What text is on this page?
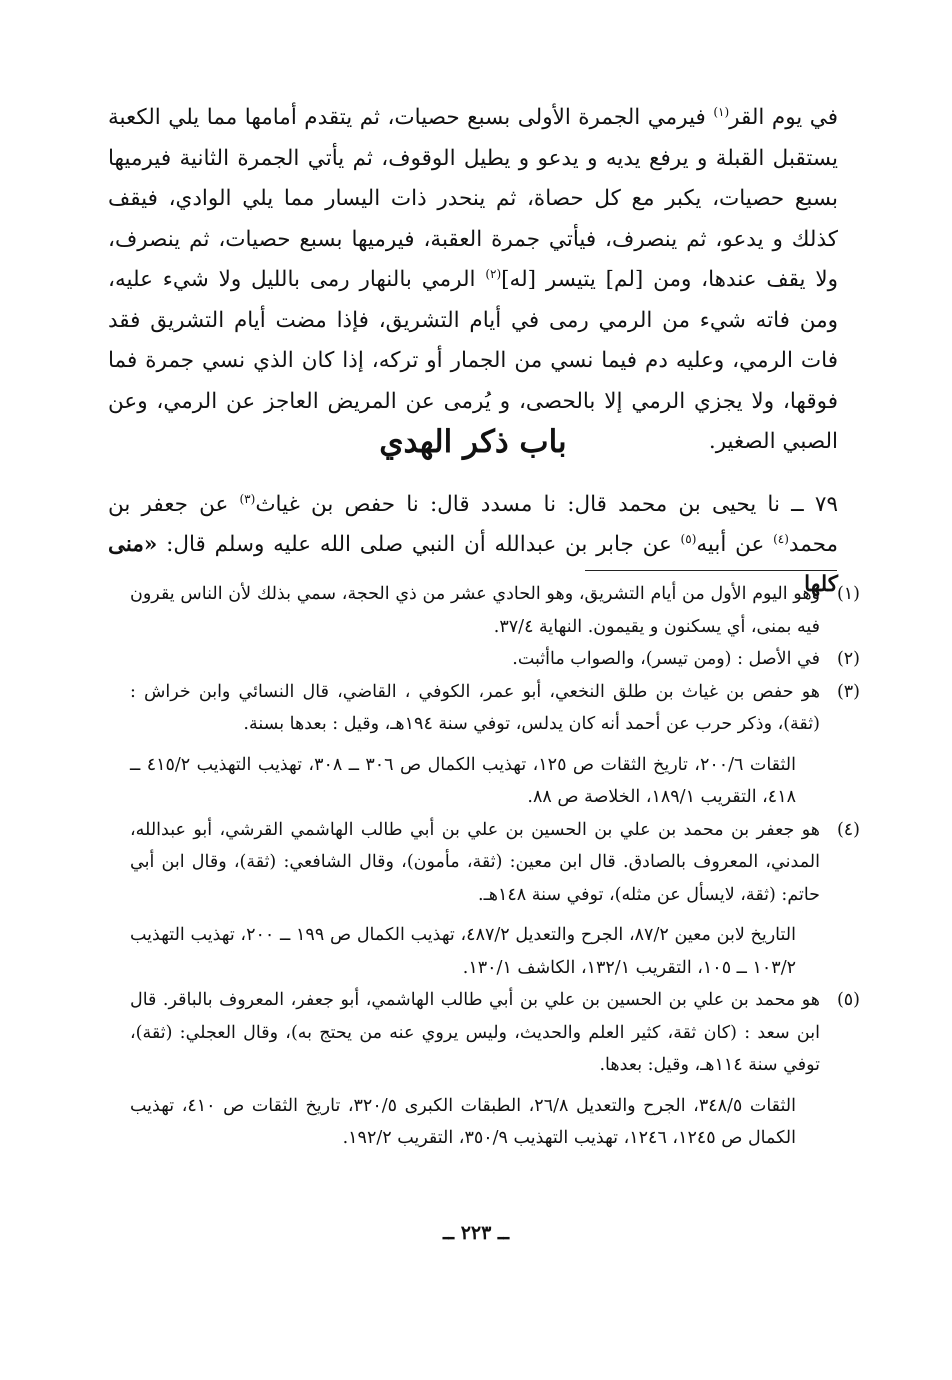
في يوم القر$^{(١)}$ فيرمي الجمرة الأولى بسبع حصيات، ثم يتقدم أمامها مما يلي الكعبة يستقبل القبلة و يرفع يديه و يدعو و يطيل الوقوف، ثم يأتي الجمرة الثانية فيرميها بسبع حصيات، يكبر مع كل حصاة، ثم ينحدر ذات اليسار مما يلي الوادي، فيقف كذلك و يدعو، ثم ينصرف، فيأتي جمرة العقبة، فيرميها بسبع حصيات، ثم ينصرف، ولا يقف عندها، ومن [لم] يتيسر [له]$^{(٢)}$ الرمي بالنهار رمى بالليل ولا شيء عليه، ومن فاته شيء من الرمي رمى في أيام التشريق، فإذا مضت أيام التشريق فقد فات الرمي، وعليه دم فيما نسي من الجمار أو تركه، إذا كان الذي نسي جمرة فما فوقها، ولا يجزي الرمي إلا بالحصى، و يُرمى عن المريض العاجز عن الرمي، وعن الصبي الصغير.

باب ذكر الهدي

٧٩ ــ نا يحيى بن محمد قال: نا مسدد قال: نا حفص بن غياث$^{(٣)}$ عن جعفر بن محمد$^{(٤)}$ عن أبيه$^{(٥)}$ عن جابر بن عبدالله أن النبي صلى الله عليه وسلم قال: «منى كلها

(١)

وهو اليوم الأول من أيام التشريق، وهو الحادي عشر من ذي الحجة، سمي بذلك لأن الناس يقرون فيه بمنى، أي يسكنون و يقيمون. النهاية ٣٧/٤.

(٢)

في الأصل : (ومن تيسر)، والصواب ماأثبت.

(٣)

هو حفص بن غياث بن طلق النخعي، أبو عمر، الكوفي ، القاضي، قال النسائي وابن خراش : (ثقة)، وذكر حرب عن أحمد أنه كان يدلس، توفي سنة ١٩٤هـ، وقيل : بعدها بسنة.

الثقات ٢٠٠/٦، تاريخ الثقات ص ١٢٥، تهذيب الكمال ص ٣٠٦ ــ ٣٠٨، تهذيب التهذيب ٤١٥/٢ ــ ٤١٨، التقريب ١٨٩/١، الخلاصة ص ٨٨.

(٤)

هو جعفر بن محمد بن علي بن الحسين بن علي بن أبي طالب الهاشمي القرشي، أبو عبدالله، المدني، المعروف بالصادق. قال ابن معين: (ثقة، مأمون)، وقال الشافعي: (ثقة)، وقال ابن أبي حاتم: (ثقة، لايسأل عن مثله)، توفي سنة ١٤٨هـ.

التاريخ لابن معين ٨٧/٢، الجرح والتعديل ٤٨٧/٢، تهذيب الكمال ص ١٩٩ ــ ٢٠٠، تهذيب التهذيب ١٠٣/٢ ــ ١٠٥، التقريب ١٣٢/١، الكاشف ١٣٠/١.

(٥)

هو محمد بن علي بن الحسين بن علي بن أبي طالب الهاشمي، أبو جعفر، المعروف بالباقر. قال ابن سعد : (كان ثقة، كثير العلم والحديث، وليس يروي عنه من يحتج به)، وقال العجلي: (ثقة)، توفي سنة ١١٤هـ، وقيل: بعدها.

الثقات ٣٤٨/٥، الجرح والتعديل ٢٦/٨، الطبقات الكبرى ٣٢٠/٥، تاريخ الثقات ص ٤١٠، تهذيب الكمال ص ١٢٤٥، ١٢٤٦، تهذيب التهذيب ٣٥٠/٩، التقريب ١٩٢/٢.

ــ ٢٢٣ ــ
